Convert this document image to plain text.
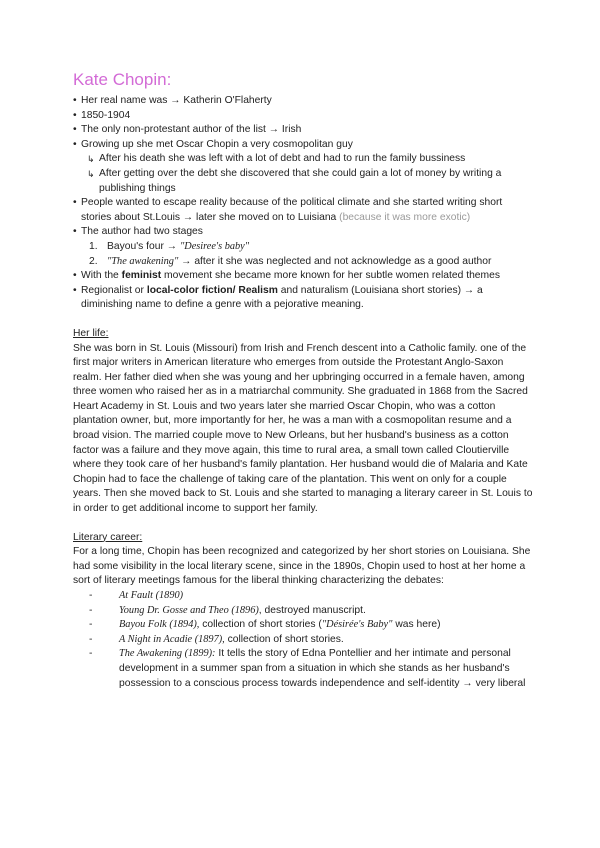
Kate Chopin:
• Her real name was → Katherin O'Flaherty
• 1850-1904
• The only non-protestant author of the list → Irish
• Growing up she met Oscar Chopin a very cosmopolitan guy
↳ After his death she was left with a lot of debt and had to run the family bussiness
↳ After getting over the debt she discovered that she could gain a lot of money by writing a publishing things
• People wanted to escape reality because of the political climate and she started writing short stories about St.Louis → later she moved on to Luisiana (because it was more exotic)
• The author had two stages
1. Bayou's four → "Desiree's baby"
2. "The awakening" → after it she was neglected and not acknowledge as a good author
• With the feminist movement she became more known for her subtle women related themes
• Regionalist or local-color fiction/ Realism and naturalism (Louisiana short stories) → a diminishing name to define a genre with a pejorative meaning.
Her life:

She was born in St. Louis (Missouri) from Irish and French descent into a Catholic family. one of the first major writers in American literature who emerges from outside the Protestant Anglo-Saxon realm. Her father died when she was young and her upbringing occurred in a female haven, among three women who raised her as in a matriarchal community. She graduated in 1868 from the Sacred Heart Academy in St. Louis and two years later she married Oscar Chopin, who was a cotton plantation owner, but, more importantly for her, he was a man with a cosmopolitan resume and a broad vision. The married couple move to New Orleans, but her husband's business as a cotton factor was a failure and they move again, this time to rural area, a small town called Cloutierville where they took care of her husband's family plantation. Her husband would die of Malaria and Kate Chopin had to face the challenge of taking care of the plantation. This went on only for a couple years. Then she moved back to St. Louis and she started to managing a literary career in St. Louis to in order to get additional income to support her family.

Literary career:

For a long time, Chopin has been recognized and categorized by her short stories on Louisiana. She had some visibility in the local literary scene, since in the 1890s, Chopin used to host at her home a sort of literary meetings famous for the liberal thinking characterizing the debates:

-	At Fault (1890)
-	Young Dr. Gosse and Theo (1896), destroyed manuscript.
-	Bayou Folk (1894), collection of short stories ("Désirée's Baby" was here)
-	A Night in Acadie (1897), collection of short stories.
-	The Awakening (1899): It tells the story of Edna Pontellier and her intimate and personal development in a summer span from a situation in which she stands as her husband's possession to a conscious process towards independence and self-identity → very liberal
